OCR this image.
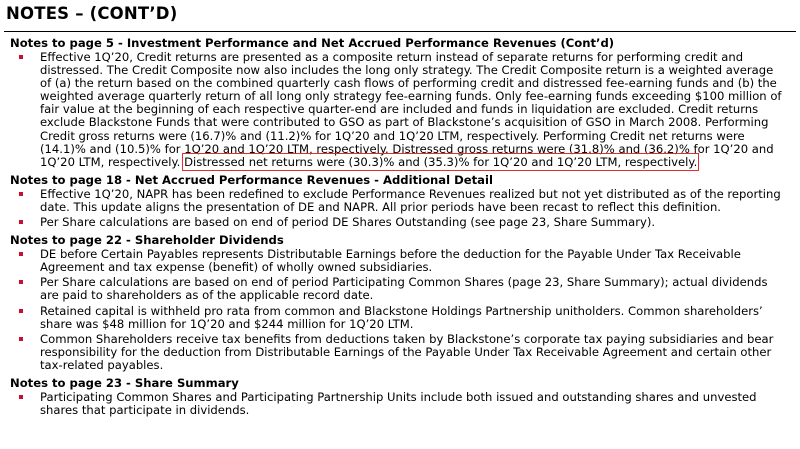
NOTES – (CONT’D)
Notes to page 5 - Investment Performance and Net Accrued Performance Revenues (Cont’d)
Effective 1Q’20, Credit returns are presented as a composite return instead of separate returns for performing credit and distressed. The Credit Composite now also includes the long only strategy. The Credit Composite return is a weighted average of (a) the return based on the combined quarterly cash flows of performing credit and distressed fee-earning funds and (b) the weighted average quarterly return of all long only strategy fee-earning funds. Only fee-earning funds exceeding $100 million of fair value at the beginning of each respective quarter-end are included and funds in liquidation are excluded. Credit returns exclude Blackstone Funds that were contributed to GSO as part of Blackstone’s acquisition of GSO in March 2008. Performing Credit gross returns were (16.7)% and (11.2)% for 1Q’20 and 1Q’20 LTM, respectively. Performing Credit net returns were (14.1)% and (10.5)% for 1Q’20 and 1Q’20 LTM, respectively. Distressed gross returns were (31.8)% and (36.2)% for 1Q’20 and 1Q’20 LTM, respectively. Distressed net returns were (30.3)% and (35.3)% for 1Q’20 and 1Q’20 LTM, respectively.
Notes to page 18 - Net Accrued Performance Revenues - Additional Detail
Effective 1Q’20, NAPR has been redefined to exclude Performance Revenues realized but not yet distributed as of the reporting date. This update aligns the presentation of DE and NAPR. All prior periods have been recast to reflect this definition.
Per Share calculations are based on end of period DE Shares Outstanding (see page 23, Share Summary).
Notes to page 22 - Shareholder Dividends
DE before Certain Payables represents Distributable Earnings before the deduction for the Payable Under Tax Receivable Agreement and tax expense (benefit) of wholly owned subsidiaries.
Per Share calculations are based on end of period Participating Common Shares (page 23, Share Summary); actual dividends are paid to shareholders as of the applicable record date.
Retained capital is withheld pro rata from common and Blackstone Holdings Partnership unitholders. Common shareholders’ share was $48 million for 1Q’20 and $244 million for 1Q’20 LTM.
Common Shareholders receive tax benefits from deductions taken by Blackstone’s corporate tax paying subsidiaries and bear responsibility for the deduction from Distributable Earnings of the Payable Under Tax Receivable Agreement and certain other tax-related payables.
Notes to page 23 - Share Summary
Participating Common Shares and Participating Partnership Units include both issued and outstanding shares and unvested shares that participate in dividends.
